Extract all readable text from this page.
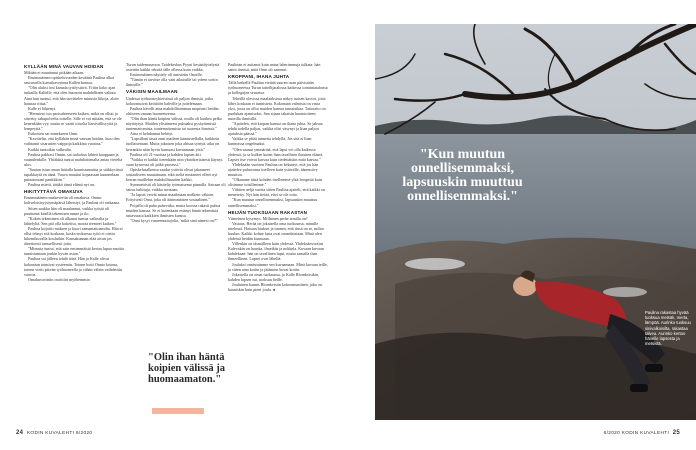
KYLLÄÄN MINÄ VAUVAN HOIDAN

Mikään ei muuttunut pitkään aikaan.

Ensimmäinen opiskeluvuoden keväänä Paulina alkoi seurustella kurssikaverinsa Kallen kanssa.

"Olin aluksi tosi kamala tyttöystävä. Yritin koko ajan tutkailla Kallelle, että olen huonoin mahdollinen valinta. Aina kun tunnui, että hän tarvittelee minusta liikoja, aloin haastaa riitaa."

Kalle ei lähtenyt.

"Hermiero tuo parisuhteeseen kaiken, mikä on ollutt ja siirretty sakupolvelta toiselle. Sille ei voi mitään, että se ole kenenkään vyy, mutta se vaatii toiselta kärsivällisyyttä ja lempeyttä."

Esikoisen sai nimekseen Onni.

"Kavittelin, että kyllähän minä vauvan hoidan, kun olen vaihtanut sisarusten vaippoja kaikkina vuosina."

Kaikki tuntuikin valkealta.

Paulina pakkasi Onnin, sai tarkoitus lähteä kauppaan ja vaunulenkille. Yhtäkkiä tuntui mahdottomalta antaa vierelta ulos.

"Sautan istua oman lattialla kaunistamaisia ja säikkyvässä tupakkaytä en äänä. Vauva muuttui kopaassan kuunnelaan putaatossani paniikkiin."

Paulina mietti, tätäkö tämä elämä nyt on.

HIKITYTTÄVÄ OMAKUVA

Ensimmäinen rauskeveriin oli omakuva. Onnin koliveloitisyystymäpäivä läheistyi, ja Paulina oli raskaana.

Sitten saakka hän oli maalannut, vaikka työstä oli puuttunut käsillä tekemisen tunne ja ilo.

"Koken tekeminen oli alkanut tuntua vaikealta ja lähtelyltä. Sen piti olla koketisa, moraa teemeet kaiken."

Paulina kirjoitti maksen ja kuori samantaitoamilta. Hän ei ollut tehnyt sitä koskaan, koska teoksessa tyttö ei otettu kikemikuvalla kouluihin. Kansakunnan elää aivan jos äärettoesti tanssellisesti jotta.

"Minusta tuntui, että sain ensimmäistä kertaa lupaa nauttia tunnistamaan jonkin hyvän asian."

Paulina sai jälleen tehdä töitä. Hän ja Kalle olivat kokonaan toimivat systeemin. Toinen hoiti Onnia kotona, toinen vietti päivän työhuoneella ja vähän välein vaihdettiin vuoroa.

Omakuvaväriin osoittiin myöhemmin

Turun taidemuseoon. Taidekeskus Pyyni kesäsidyttelystä ostettiin kaikki tekstiä tälle ollessa kuin vaikka.

Ensimmäinen näyttely oli omistettu Onnille.

"Tämän ei tarvitse olla vain aikuisille tai ydeen sortin ihmisille."

VÄKISIN MAAILMAAN

Uudessa työhuoneyhteisössä oli paljon ihmisiä, jotka kokoontuivat keittiöön kahville ja juttelemaan.

Paulina kävelli aina mahdollisimman mopeasti heidän ohitseen omaan huoneeseensa.

"Olin ihan häntä koipien välissä, mulla oli kauhea pelko näyttäytyä. Muiden ylistämeesi puhuaksi pysäyttimisiä tuntemattomista, tuntemattomista tai suuresta ihmissä."

Aina ei kehdannut kehityt.

"Lapsillani tässä onni maileen kannustellalla, kaikkein tuollaisenaan. Mutta jokaisen joka ahtsaa syntyä, aika on kerrankin näin hyvin kanssasi kuvaamaan yötä."

Paulina oli 21-vuotiaa ja kahden lapsen äiti.

"Vaikka ei kaikki tietenkään niin yksinkertaisesti käynyt, vaan kyseessä oli pitkä prosessi."

Opiskelusalkensa saadut ystävät olivat jakauneet sosiaaliseen muutamaan, eikä sieltä noutaneet olleet nyt kerran muillekin mahdollisuuden kaikki.

Symmetristä oli käsitelty työmaisema pinnalla. Sairaan oli sairas halittuja, vaikka tavataan.

"Ja lapset veivät minut maailmaan melkein väkisin. Erityisesti Onni, joka oli äärimmäisen sosiaalinen."

Poijalla oli paha puheviika, mutta koossa rakasti puhua muiden kanssa. Se ei kutenkaan estänyt häntä tekemästä tuttavuutta kaikkien ihmisten kanssa.

"Onni kysyi vanteentaitojolta, 'mikä sinä nimesi on?'"

Paulinan ei auttanut kuin antaa laberimmuja tulkata: hän sanoi itsensä, mitä Onni oli sanonut.

KROPPANI, IHANA JUHTA

Tällä hetkellä Paulina viettää suuren osan päivistään työhuoneessa Turun taiteilijatalossa kaikessa toimintatalonsa ja kollegojen seurassa.

Tekeillä olevissa maalauksissa näkyy naisen kasvot, joita lähes koskaan ei tunnisteta. Kokonaan valmista on vasta yksi, jossa on ollut muiden kanssa tanssiaikaa. Taitotaito on puolukan ajamiseksi. Sen sijaan takaisin huomioiteen nuorilla ihmisillä.

"Ajattelen, että kropan kanssa on ihana juhta. Se jaksaa tehdä todella paljon, vaikka olisi väsynyt ja liian paljon ajatuksia päässä."

Vaikka se pitää tunnetta tehdyllä, Jos sitä ei liian kunnoissa ongelmaksi.

"Olen saanut ymmärtää, että lapsi voi olla kaikessa yhdessä, ja se kulkee kuten ihan tavallisen ihmisen elämä. Lapset itse voivat kasvaa kuin tiedettäisiin mitä kasvaa."

Yhdeksään vuoteen Paulina on keksinyt, että jos hän ajattelee puhuvansa itselleen kuin ystävälle, äänensävy muuttuu.

"Olkamme tästä kohden itsellemme yhtä lempeitä kuin olisimme toisillemme."

Vähiten neljä vuotta sitten Paulina ajatteli, että kaikki on menetetty. Nyt hän tietää, ettei se ole totta.

"Kun muutun onnellisemmaksi, lapsuuskin muuttuu onnellisemmaksi."

HEIJÄN TUOKSUAAN RAKASTAN

Viimeinen kysymys. Millainen perhe sinulla on?

Vastaus. Herää on jokaisella oma tuoksunsa, minulle mielessä. Haistan hiukset ja tunnen, että tässä on se, mihin kuulun. Kaikki kolme lasta ovat omanlaisiaan. Minä olen yhdessä heidän kanssaan.

Villenkin on täsmälleen kuin yhdessä. Yhdeksänvuotias Kalevakin on hauska, ilmeikäs ja nokkela. Kuvaan kuvaan kahdeksan: hän on tavallinen lapsi, mutta samalla ihan ihmeellinen. Lapset ovat lähellä.

Jouluksi onnistuimme sen kuvaamaan. Minä kuvaan teille, ja sitten aina kotiin ja jätämme kuvat kotiin.

Jokaisella on omat tuoksunsa, ja Kalle Blomkvistkin, kahden lapsen isä, tuoksuu heille.

Jouluinen kaunis Blomkvistin kokoontuminen, joka on kauniskin kuin pieni joulu. ●

"Olin ihan häntä koipien välissä ja huomaamaton."
24 KODIN KUVALEHTI 6/2020
"Kun muutun onnellisemmaksi, lapsuuskin muuttuu onnellisemmaksi."
Paulina rakastaa hyvää tuoksua metsäk, merta, lämpöä. Aurinko tuoksuu sinivalkoisilta, rakastaa talvea. Aurinko kertoo hänelle lapsesta ja metsistä.
6/2020 KODIN KUVALEHTI 25
